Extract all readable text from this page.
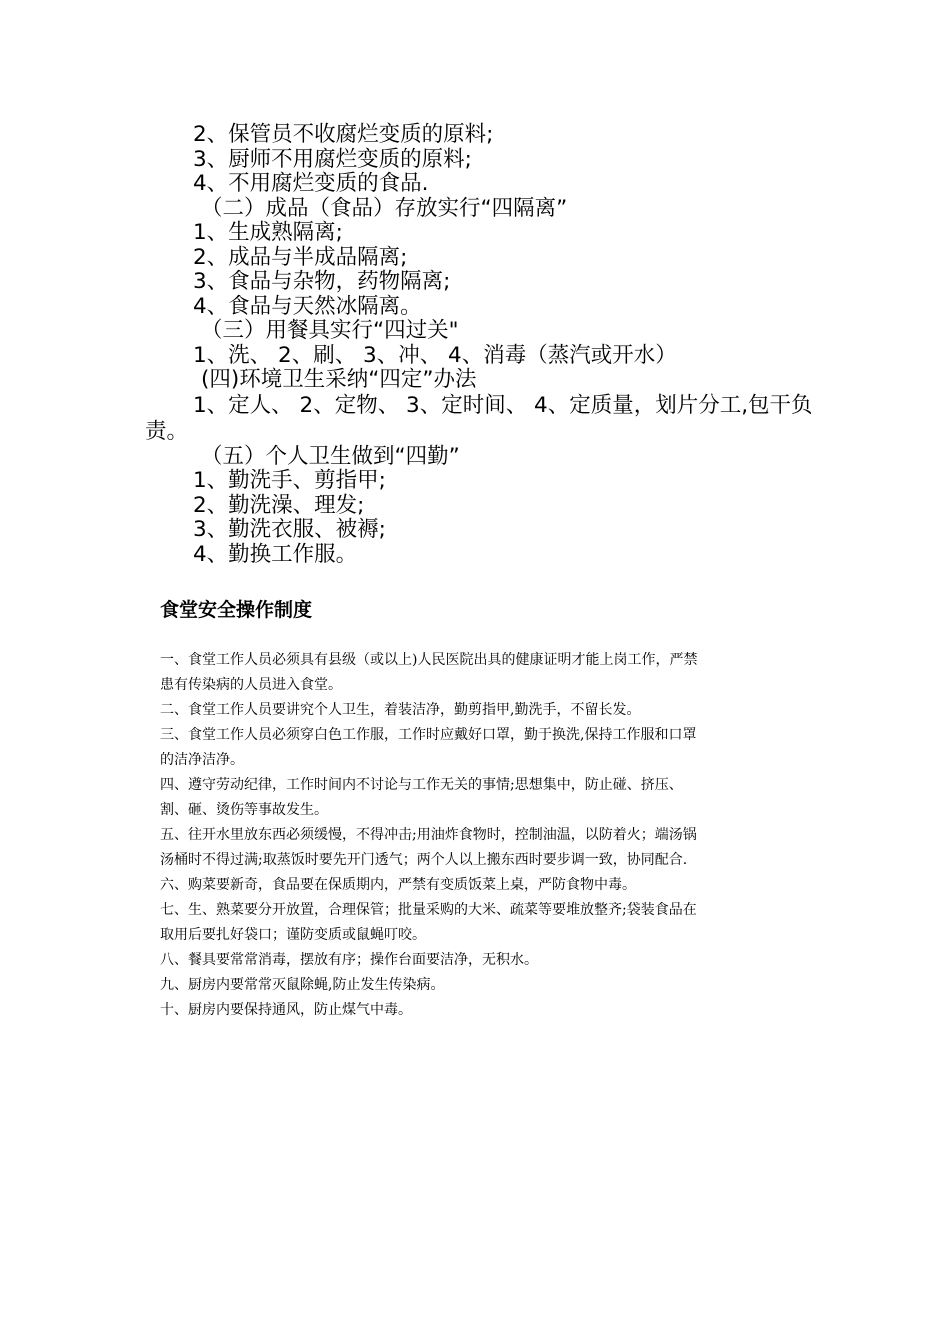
2、保管员不收腐烂变质的原料;
3、厨师不用腐烂变质的原料;
4、不用腐烂变质的食品.
（二）成品（食品）存放实行“四隔离”
1、生成熟隔离;
2、成品与半成品隔离;
3、食品与杂物，药物隔离;
4、食品与天然冰隔离。
（三）用餐具实行“四过关"
1、洗、 2、刷、 3、冲、 4、消毒（蒸汽或开水）
(四)环境卫生采纳“四定”办法
1、定人、 2、定物、 3、定时间、 4、定质量，划片分工,包干负责。
（五）个人卫生做到“四勤”
1、勤洗手、剪指甲;
2、勤洗澡、理发;
3、勤洗衣服、被褥;
4、勤换工作服。
食堂安全操作制度
一、食堂工作人员必须具有县级（或以上)人民医院出具的健康证明才能上岗工作，严禁
患有传染病的人员进入食堂。
二、食堂工作人员要讲究个人卫生，着装洁净，勤剪指甲,勤洗手，不留长发。
三、食堂工作人员必须穿白色工作服，工作时应戴好口罩，勤于换洗,保持工作服和口罩
的洁净洁净。
四、遵守劳动纪律，工作时间内不讨论与工作无关的事情;思想集中，防止碰、挤压、
割、砸、烫伤等事故发生。
五、往开水里放东西必须缓慢，不得冲击;用油炸食物时，控制油温，以防着火；端汤锅
汤桶时不得过满;取蒸饭时要先开门透气；两个人以上搬东西时要步调一致，协同配合.
六、购菜要新奇，食品要在保质期内，严禁有变质饭菜上桌，严防食物中毒。
七、生、熟菜要分开放置，合理保管；批量采购的大米、疏菜等要堆放整齐;袋装食品在
取用后要扎好袋口；谨防变质或鼠蝇叮咬。
八、餐具要常常消毒，摆放有序；操作台面要洁净，无积水。
九、厨房内要常常灭鼠除蝇,防止发生传染病。
十、厨房内要保持通风，防止煤气中毒。
